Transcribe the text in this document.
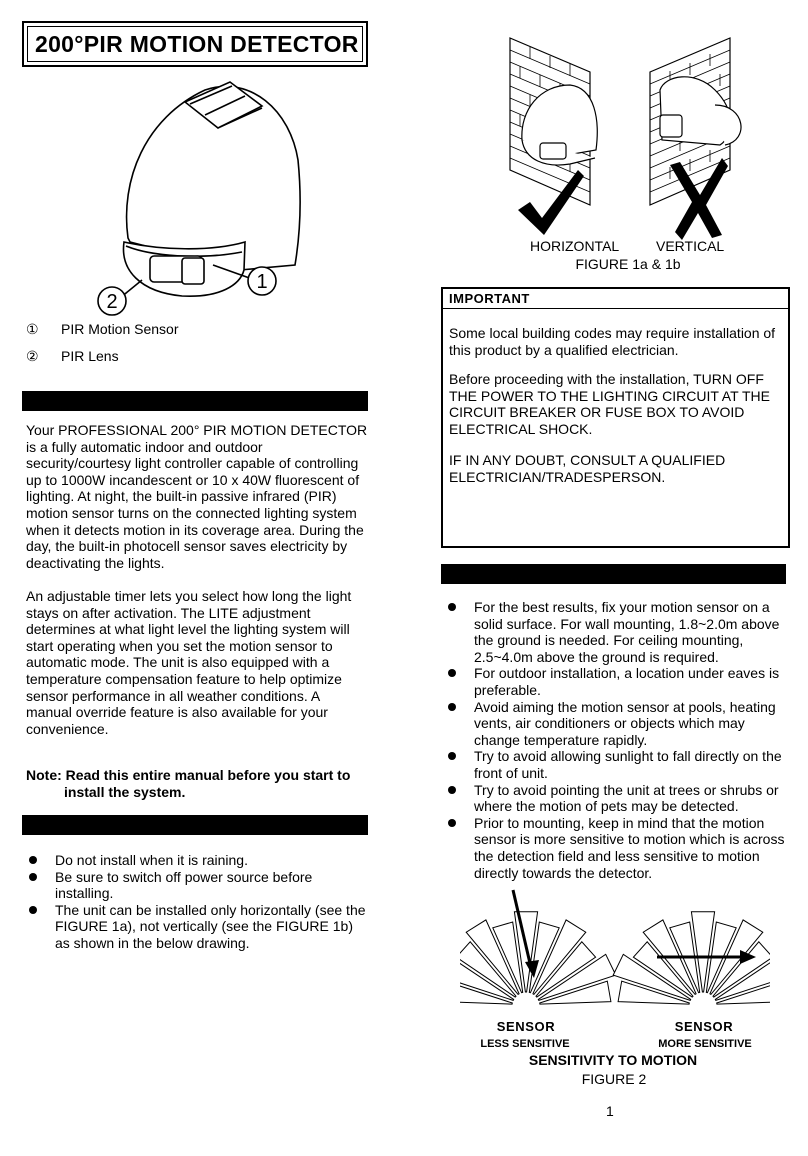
200°PIR MOTION DETECTOR
1
2
① PIR Motion Sensor
② PIR Lens
Your PROFESSIONAL 200° PIR MOTION DETECTOR is a fully automatic indoor and outdoor security/courtesy light controller capable of controlling up to 1000W incandescent or 10 x 40W fluorescent of lighting. At night, the built-in passive infrared (PIR) motion sensor turns on the connected lighting system when it detects motion in its coverage area. During the day, the built-in photocell sensor saves electricity by deactivating the lights.
An adjustable timer lets you select how long the light stays on after activation. The LITE adjustment determines at what light level the lighting system will start operating when you set the motion sensor to automatic mode. The unit is also equipped with a temperature compensation feature to help optimize sensor performance in all weather conditions. A manual override feature is also available for your convenience.
Note: Read this entire manual before you start to
install the system.
Do not install when it is raining.
Be sure to switch off power source before installing.
The unit can be installed only horizontally (see the FIGURE 1a), not vertically (see the FIGURE 1b) as shown in the below drawing.
HORIZONTAL	VERTICAL
FIGURE 1a & 1b
IMPORTANT
Some local building codes may require installation of this product by a qualified electrician.
Before proceeding with the installation, TURN OFF THE POWER TO THE LIGHTING CIRCUIT AT THE CIRCUIT BREAKER OR FUSE BOX TO AVOID ELECTRICAL SHOCK.
IF IN ANY DOUBT, CONSULT A QUALIFIED ELECTRICIAN/TRADESPERSON.
For the best results, fix your motion sensor on a solid surface. For wall mounting, 1.8~2.0m above the ground is needed. For ceiling mounting, 2.5~4.0m above the ground is required.
For outdoor installation, a location under eaves is preferable.
Avoid aiming the motion sensor at pools, heating vents, air conditioners or objects which may change temperature rapidly.
Try to avoid allowing sunlight to fall directly on the front of unit.
Try to avoid pointing the unit at trees or shrubs or where the motion of pets may be detected.
Prior to mounting, keep in mind that the motion sensor is more sensitive to motion which is across the detection field and less sensitive to motion directly towards the detector.
SENSOR	SENSOR
LESS SENSITIVE	MORE SENSITIVE
SENSITIVITY TO MOTION
FIGURE 2
1
